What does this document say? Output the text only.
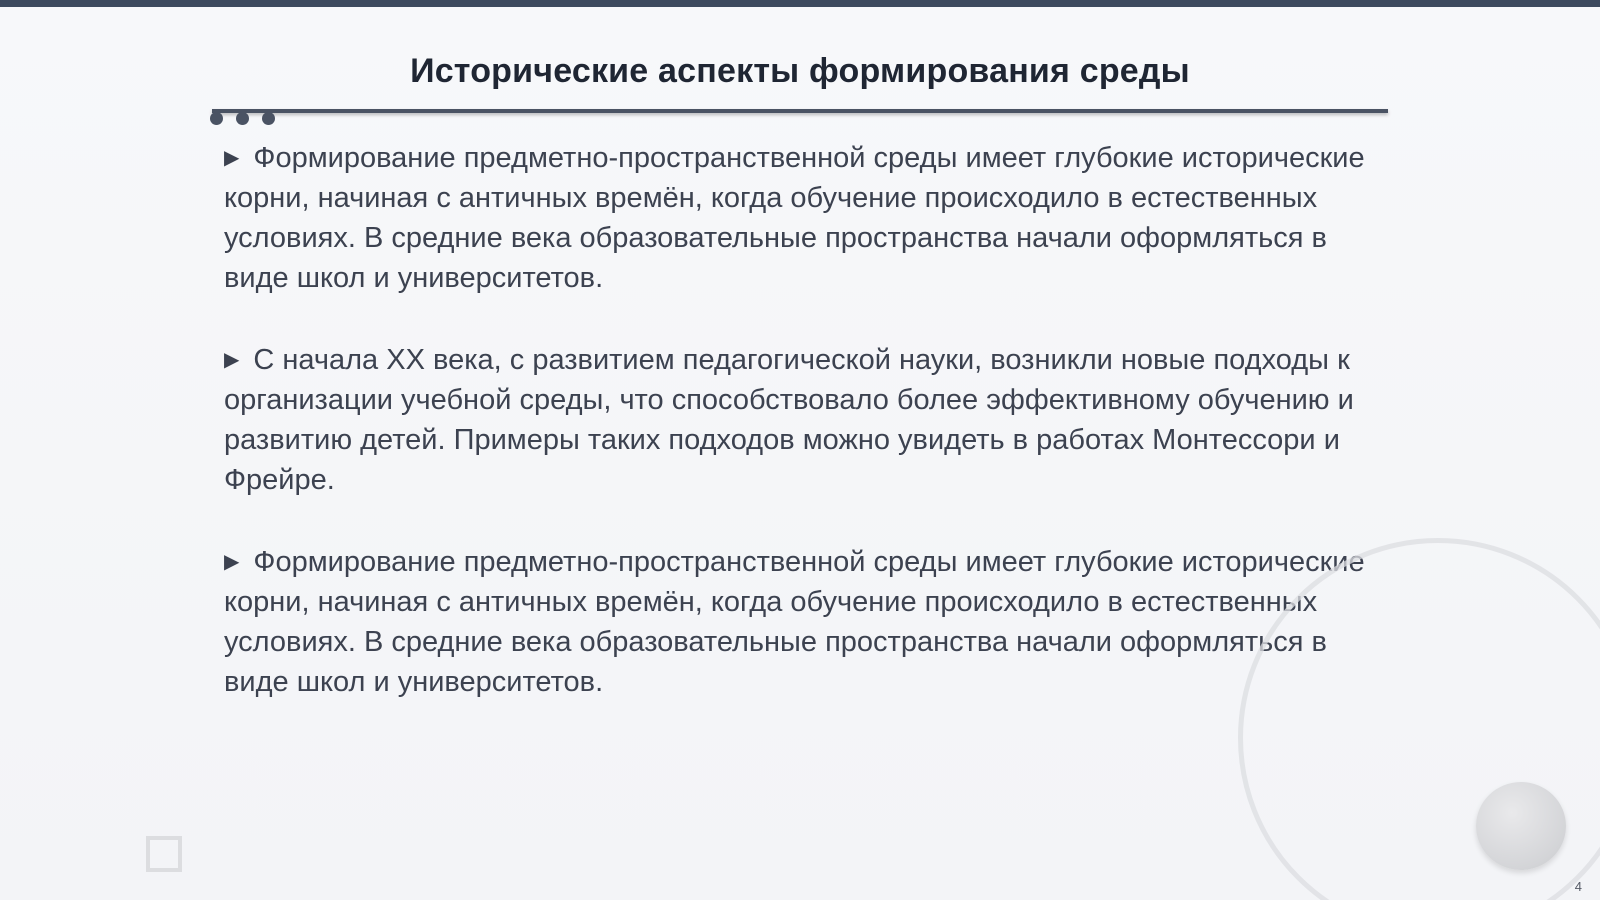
Исторические аспекты формирования среды
▶ Формирование предметно-пространственной среды имеет глубокие исторические корни, начиная с античных времён, когда обучение происходило в естественных условиях. В средние века образовательные пространства начали оформляться в виде школ и университетов.
▶ С начала XX века, с развитием педагогической науки, возникли новые подходы к организации учебной среды, что способствовало более эффективному обучению и развитию детей. Примеры таких подходов можно увидеть в работах Монтессори и Фрейре.
▶ Формирование предметно-пространственной среды имеет глубокие исторические корни, начиная с античных времён, когда обучение происходило в естественных условиях. В средние века образовательные пространства начали оформляться в виде школ и университетов.
4
